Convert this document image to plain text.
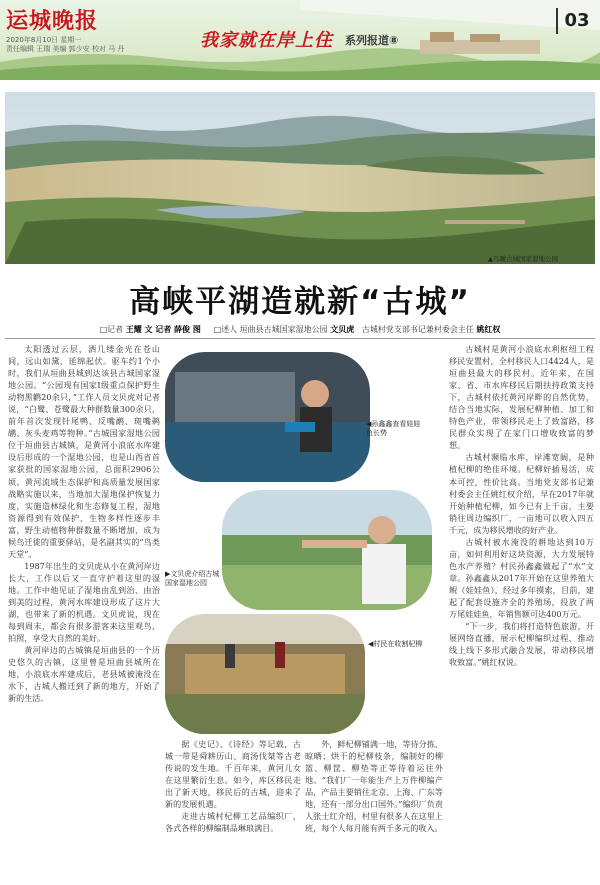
运城晚报
2020年8月10日 星期一
责任编辑 王瑞 美编 郭少安 校对 马 丹	我家就在岸上住 系列报道⑧
03
▲鸟瞰古城国家湿地公园
高峡平湖造就新“古城”
□记者 王耀 文 记者 薛俊 图 □述人 垣曲县古城国家湿地公园 文贝虎 古城村党支部书记兼村委会主任 姚红权

太阳透过云层，洒几缕金光在苍山间，远山如黛，延绵起伏。驱车约1个小时，我们从垣曲县城到达该县古城国家湿地公园。“公园现有国家Ⅰ级重点保护野生动物黑鹳20余只，”工作人员文贝虎对记者说，“白鹭、苍鹭最大种群数量300余只，前年首次发现针尾鸭、反嘴鹬、斑嘴鹈鹕、灰头麦鸡等物种。”古城国家湿地公园位于垣曲县古城镇，是黄河小浪底水库建设后形成的一个湿地公园，也是山西省首家获批的国家湿地公园，总面积2906公顷。黄河流域生态保护和高质量发展国家战略实施以来，当地加大湿地保护恢复力度，实施造林绿化和生态修复工程，湿地资源得到有效保护，生物多样性逐步丰富，野生动植物种群数量不断增加，成为候鸟迁徙的重要驿站，是名副其实的“鸟类天堂”。

1987年出生的文贝虎从小在黄河岸边长大，工作以后又一直守护着这里的湿地。工作中他见证了湿地由乱到治、由治到美的过程，黄河水库建设形成了这片大湖，也带来了新的机遇。文贝虎说，现在每到周末，都会有很多游客来这里观鸟、拍照，享受大自然的美好。

黄河岸边的古城镇是垣曲县的一个历史悠久的古镇，这里曾是垣曲县城所在地，小浪底水库建成后，老县城被淹没在水下，古城人搬迁到了新的地方，开始了新的生活。

◀孙鑫鑫查看娃娃鱼长势
▶文贝虎介绍古城国家湿地公园
◀村民在收割杞柳

据《史记》、《诗经》等记载，古城一带是舜耕历山、商汤伐桀等古老传说的发生地。千百年来，黄河儿女在这里繁衍生息。如今，库区移民走出了新天地，移民后的古城，迎来了新的发展机遇。

走进古城村杞柳工艺品编织厂，各式各样的柳编制品琳琅满目。

外，鲜杞柳铺满一地，等待分拣、晾晒；烘干的杞柳枝条，编制好的柳篮、柳筐、柳垫等正等待着运往外地。“我们厂一年能生产上万件柳编产品，产品主要销往北京、上海、广东等地，还有一部分出口国外。”编织厂负责人张士红介绍，村里有很多人在这里上班，每个人每月能有两千多元的收入。

古城村是黄河小浪底水利枢纽工程移民安置村，全村移民人口4424人，是垣曲县最大的移民村。近年来，在国家、省、市水库移民后期扶持政策支持下，古城村依托黄河岸畔的自然优势，结合当地实际，发展杞柳种植、加工和特色产业，带领移民走上了致富路，移民群众实现了在家门口增收致富的梦想。

古城村濒临水库，岸滩宽阔，是种植杞柳的绝佳环境。杞柳好插易活，成本可控，性价比高。当地党支部书记兼村委会主任姚红权介绍，早在2017年就开始种植杞柳，如今已有上千亩，主要销往周边编织厂，一亩地可以收入四五千元，成为移民增收的好产业。

古城村被水淹没的耕地达到10万亩，如何利用好这块资源，大力发展特色水产养殖？村民孙鑫鑫做起了“水”文章。孙鑫鑫从2017年开始在这里养殖大鲵（娃娃鱼），经过多年摸索，目前，建起了配套设施齐全的养殖场，投放了两万尾娃娃鱼，年销售额可达400万元。

“下一步，我们将打造特色旅游，开展网络直播，展示杞柳编织过程，推动线上线下多形式融合发展，带动移民增收致富。”姚红权说。
